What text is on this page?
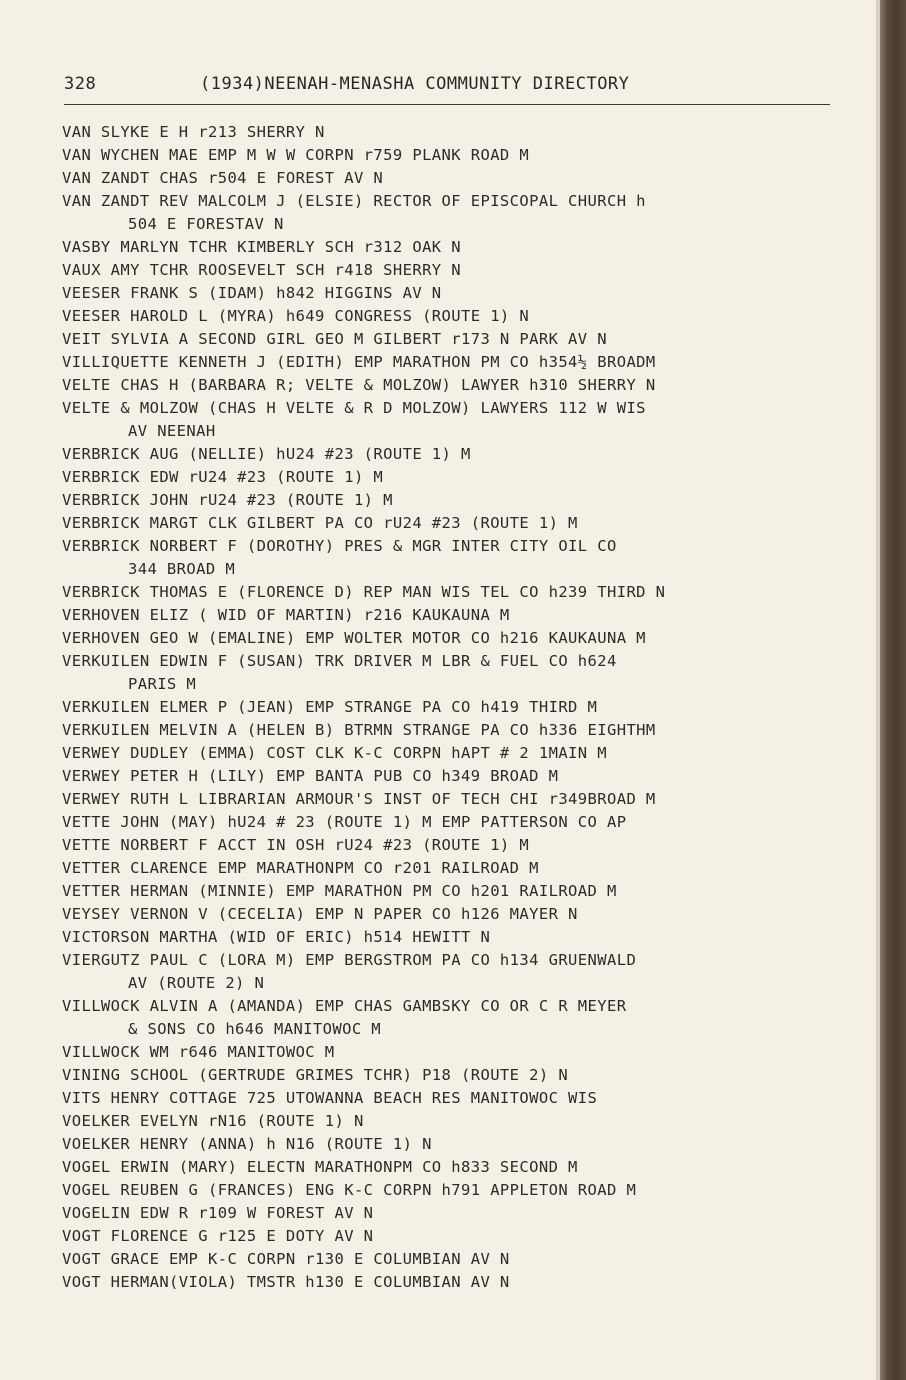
328	(1934)NEENAH-MENASHA COMMUNITY DIRECTORY
VAN SLYKE E H r213 SHERRY N
VAN WYCHEN MAE EMP M W W CORPN r759 PLANK ROAD M
VAN ZANDT CHAS r504 E FOREST AV N
VAN ZANDT REV MALCOLM J (ELSIE) RECTOR OF EPISCOPAL CHURCH h
504 E FORESTAV N
VASBY MARLYN TCHR KIMBERLY SCH r312 OAK N
VAUX AMY TCHR ROOSEVELT SCH r418 SHERRY N
VEESER FRANK S (IDAM) h842 HIGGINS AV N
VEESER HAROLD L (MYRA) h649 CONGRESS (ROUTE 1) N
VEIT SYLVIA A SECOND GIRL GEO M GILBERT r173 N PARK AV N
VILLIQUETTE KENNETH J (EDITH) EMP MARATHON PM CO h354½ BROADM
VELTE CHAS H (BARBARA R; VELTE & MOLZOW) LAWYER h310 SHERRY N
VELTE & MOLZOW (CHAS H VELTE & R D MOLZOW) LAWYERS 112 W WIS
AV NEENAH
VERBRICK AUG (NELLIE) hU24 #23 (ROUTE 1) M
VERBRICK EDW rU24 #23 (ROUTE 1) M
VERBRICK JOHN rU24 #23 (ROUTE 1) M
VERBRICK MARGT CLK GILBERT PA CO rU24 #23 (ROUTE 1) M
VERBRICK NORBERT F (DOROTHY) PRES & MGR INTER CITY OIL CO
344 BROAD M
VERBRICK THOMAS E (FLORENCE D) REP MAN WIS TEL CO h239 THIRD N
VERHOVEN ELIZ ( WID OF MARTIN) r216 KAUKAUNA M
VERHOVEN GEO W (EMALINE) EMP WOLTER MOTOR CO h216 KAUKAUNA M
VERKUILEN EDWIN F (SUSAN) TRK DRIVER M LBR & FUEL CO h624
PARIS M
VERKUILEN ELMER P (JEAN) EMP STRANGE PA CO h419 THIRD M
VERKUILEN MELVIN A (HELEN B) BTRMN STRANGE PA CO h336 EIGHTHM
VERWEY DUDLEY (EMMA) COST CLK K-C CORPN hAPT # 2 1MAIN M
VERWEY PETER H (LILY) EMP BANTA PUB CO h349 BROAD M
VERWEY RUTH L LIBRARIAN ARMOUR'S INST OF TECH CHI r349BROAD M
VETTE JOHN (MAY) hU24 # 23 (ROUTE 1) M EMP PATTERSON CO AP
VETTE NORBERT F ACCT IN OSH rU24 #23 (ROUTE 1) M
VETTER CLARENCE EMP MARATHONPM CO r201 RAILROAD M
VETTER HERMAN (MINNIE) EMP MARATHON PM CO h201 RAILROAD M
VEYSEY VERNON V (CECELIA) EMP N PAPER CO h126 MAYER N
VICTORSON MARTHA (WID OF ERIC) h514 HEWITT N
VIERGUTZ PAUL C (LORA M) EMP BERGSTROM PA CO h134 GRUENWALD
AV (ROUTE 2) N
VILLWOCK ALVIN A (AMANDA) EMP CHAS GAMBSKY CO OR C R MEYER
& SONS CO h646 MANITOWOC M
VILLWOCK WM r646 MANITOWOC M
VINING SCHOOL (GERTRUDE GRIMES TCHR) P18 (ROUTE 2) N
VITS HENRY COTTAGE 725 UTOWANNA BEACH RES MANITOWOC WIS
VOELKER EVELYN rN16 (ROUTE 1) N
VOELKER HENRY (ANNA) h N16 (ROUTE 1) N
VOGEL ERWIN (MARY) ELECTN MARATHONPM CO h833 SECOND M
VOGEL REUBEN G (FRANCES) ENG K-C CORPN h791 APPLETON ROAD M
VOGELIN EDW R r109 W FOREST AV N
VOGT FLORENCE G r125 E DOTY AV N
VOGT GRACE EMP K-C CORPN r130 E COLUMBIAN AV N
VOGT HERMAN(VIOLA) TMSTR h130 E COLUMBIAN AV N
